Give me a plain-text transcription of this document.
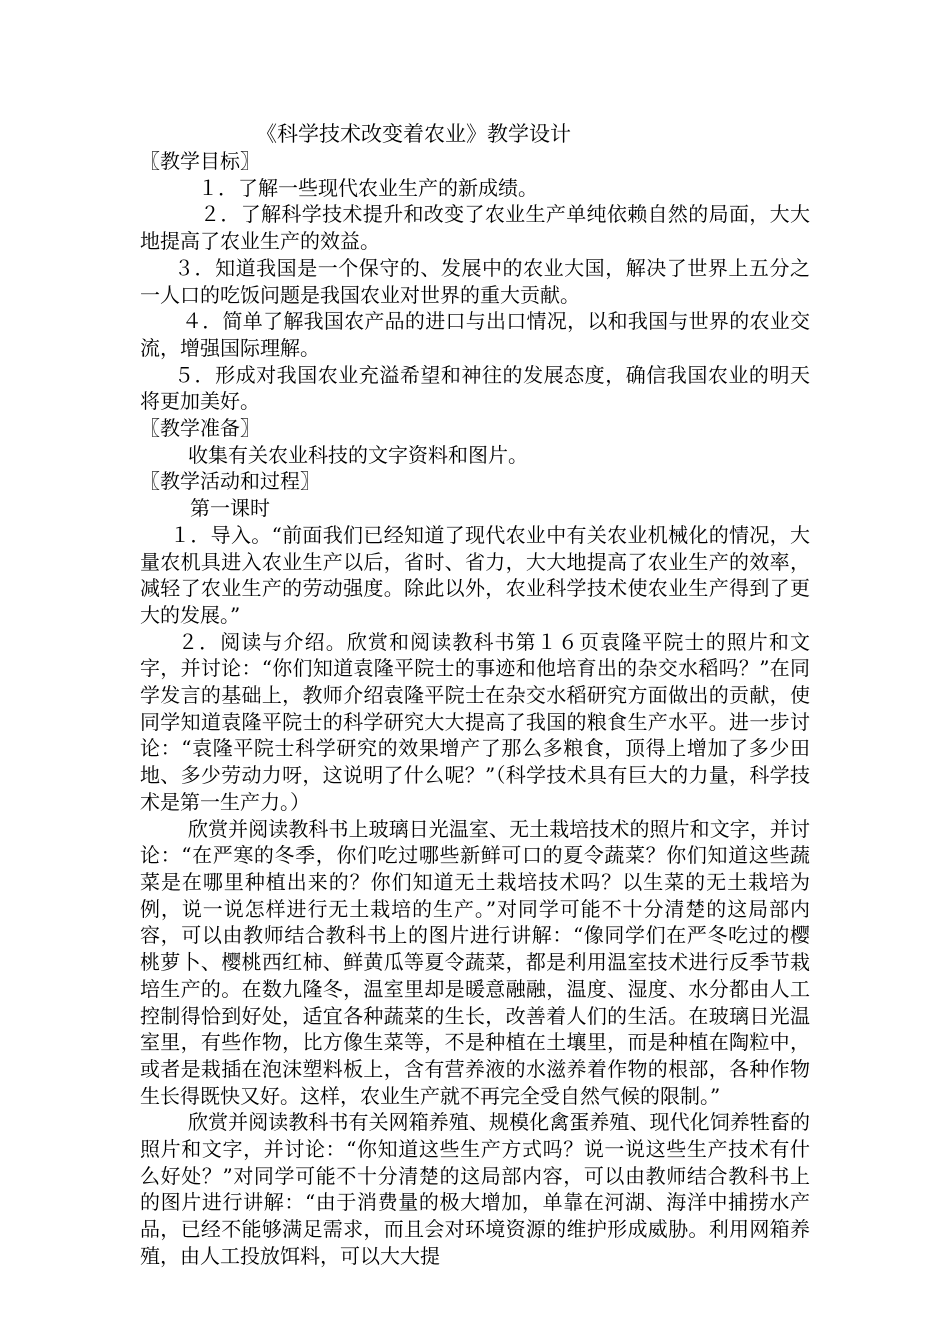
《科学技术改变着农业》教学设计

〖教学目标〗

１．了解一些现代农业生产的新成绩。

２．了解科学技术提升和改变了农业生产单纯依赖自然的局面，大大地提高了农业生产的效益。

３．知道我国是一个保守的、发展中的农业大国，解决了世界上五分之一人口的吃饭问题是我国农业对世界的重大贡献。

４．简单了解我国农产品的进口与出口情况，以和我国与世界的农业交流，增强国际理解。

５．形成对我国农业充溢希望和神往的发展态度，确信我国农业的明天将更加美好。

〖教学准备〗

收集有关农业科技的文字资料和图片。

〖教学活动和过程〗

第一课时

１．导入。“前面我们已经知道了现代农业中有关农业机械化的情况，大量农机具进入农业生产以后，省时、省力，大大地提高了农业生产的效率，减轻了农业生产的劳动强度。除此以外，农业科学技术使农业生产得到了更大的发展。”

２．阅读与介绍。欣赏和阅读教科书第１６页袁隆平院士的照片和文字，并讨论：“你们知道袁隆平院士的事迹和他培育出的杂交水稻吗？”在同学发言的基础上，教师介绍袁隆平院士在杂交水稻研究方面做出的贡献，使同学知道袁隆平院士的科学研究大大提高了我国的粮食生产水平。进一步讨论：“袁隆平院士科学研究的效果增产了那么多粮食，顶得上增加了多少田地、多少劳动力呀，这说明了什么呢？”（科学技术具有巨大的力量，科学技术是第一生产力。）

欣赏并阅读教科书上玻璃日光温室、无土栽培技术的照片和文字，并讨论：“在严寒的冬季，你们吃过哪些新鲜可口的夏令蔬菜？你们知道这些蔬菜是在哪里种植出来的？你们知道无土栽培技术吗？以生菜的无土栽培为例，说一说怎样进行无土栽培的生产。”对同学可能不十分清楚的这局部内容，可以由教师结合教科书上的图片进行讲解：“像同学们在严冬吃过的樱桃萝卜、樱桃西红柿、鲜黄瓜等夏令蔬菜，都是利用温室技术进行反季节栽培生产的。在数九隆冬，温室里却是暖意融融，温度、湿度、水分都由人工控制得恰到好处，适宜各种蔬菜的生长，改善着人们的生活。在玻璃日光温室里，有些作物，比方像生菜等，不是种植在土壤里，而是种植在陶粒中，或者是栽插在泡沫塑料板上，含有营养液的水滋养着作物的根部，各种作物生长得既快又好。这样，农业生产就不再完全受自然气候的限制。”

欣赏并阅读教科书有关网箱养殖、规模化禽蛋养殖、现代化饲养牲畜的照片和文字，并讨论：“你知道这些生产方式吗？说一说这些生产技术有什么好处？”对同学可能不十分清楚的这局部内容，可以由教师结合教科书上的图片进行讲解：“由于消费量的极大增加，单靠在河湖、海洋中捕捞水产品，已经不能够满足需求，而且会对环境资源的维护形成威胁。利用网箱养殖，由人工投放饵料，可以大大提
